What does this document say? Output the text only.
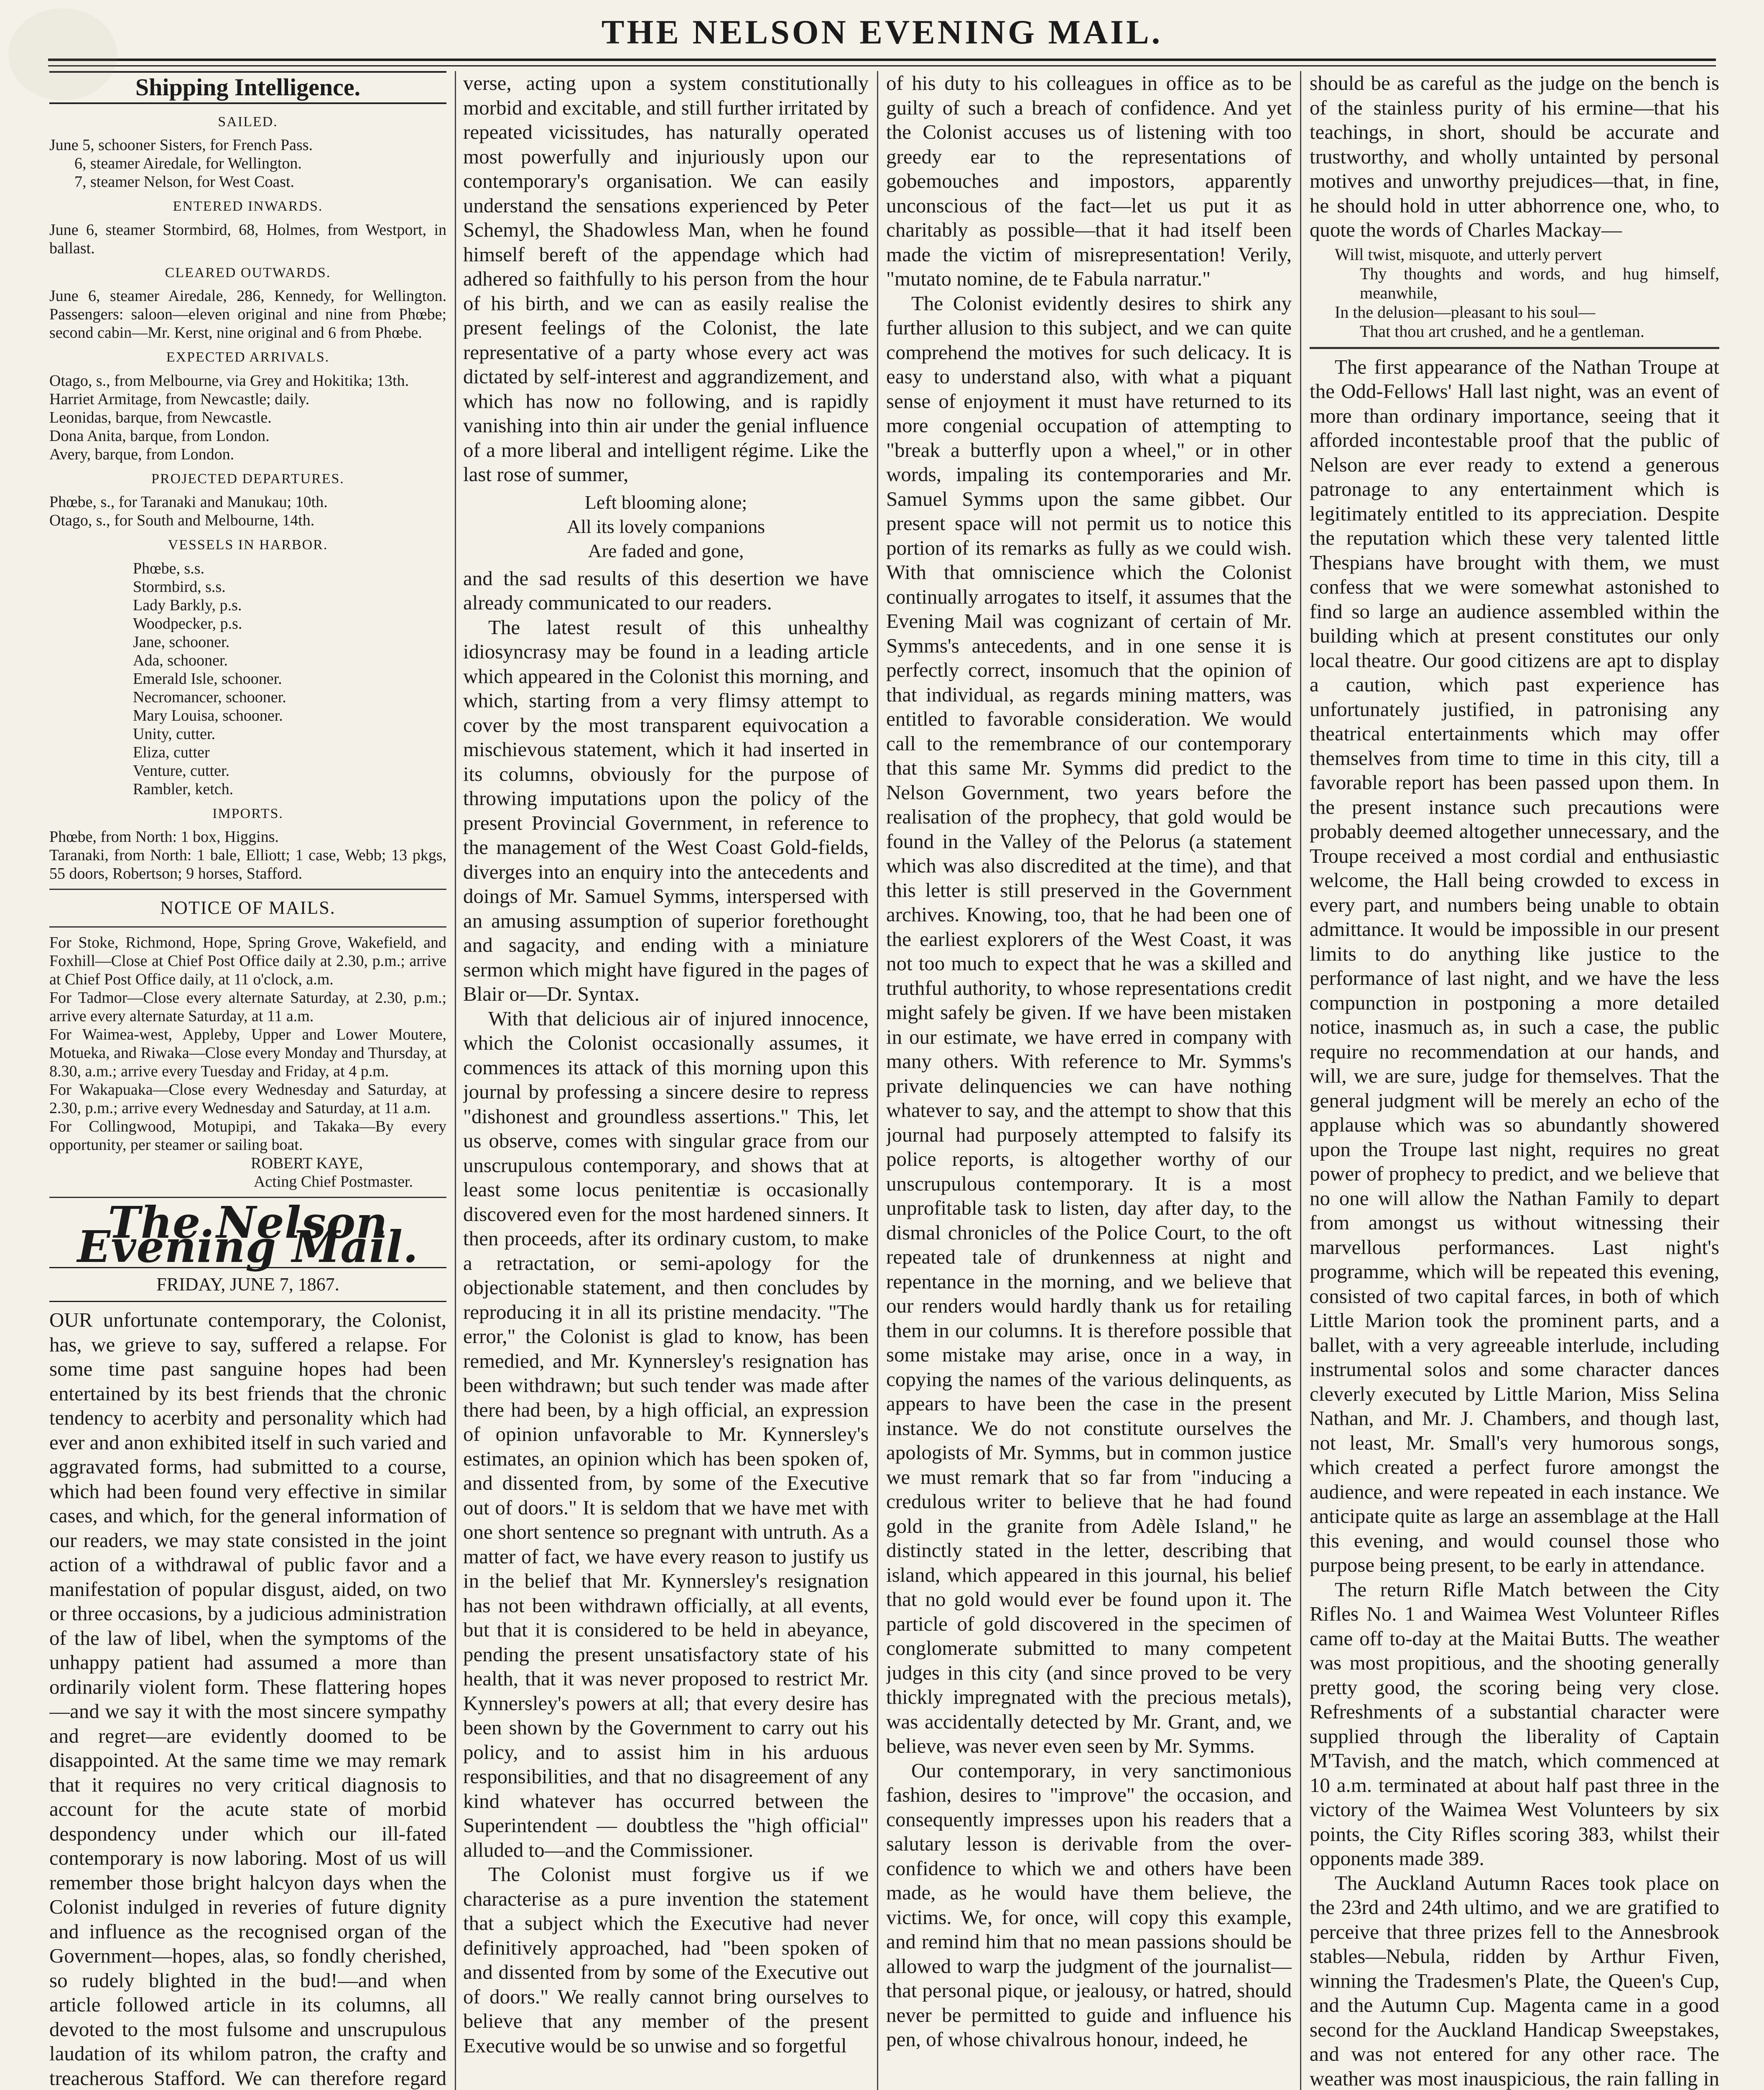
THE NELSON EVENING MAIL.
Shipping Intelligence.
SAILED.

June 5, schooner Sisters, for French Pass.

6, steamer Airedale, for Wellington.

7, steamer Nelson, for West Coast.

ENTERED INWARDS.

June 6, steamer Stormbird, 68, Holmes, from Westport, in ballast.

CLEARED OUTWARDS.

June 6, steamer Airedale, 286, Kennedy, for Wellington. Passengers: saloon—eleven original and nine from Phœbe; second cabin—Mr. Kerst, nine original and 6 from Phœbe.

EXPECTED ARRIVALS.

Otago, s., from Melbourne, via Grey and Hokitika; 13th.

Harriet Armitage, from Newcastle; daily.

Leonidas, barque, from Newcastle.

Dona Anita, barque, from London.

Avery, barque, from London.

PROJECTED DEPARTURES.

Phœbe, s., for Taranaki and Manukau; 10th.

Otago, s., for South and Melbourne, 14th.

VESSELS IN HARBOR.
Phœbe, s.s.
Stormbird, s.s.
Lady Barkly, p.s.
Woodpecker, p.s.
Jane, schooner.
Ada, schooner.
Emerald Isle, schooner.
Necromancer, schooner.
Mary Louisa, schooner.
Unity, cutter.
Eliza, cutter
Venture, cutter.
Rambler, ketch.
IMPORTS.

Phœbe, from North: 1 box, Higgins.

Taranaki, from North: 1 bale, Elliott; 1 case, Webb; 13 pkgs, 55 doors, Robertson; 9 horses, Stafford.

NOTICE OF MAILS.

For Stoke, Richmond, Hope, Spring Grove, Wakefield, and Foxhill—Close at Chief Post Office daily at 2.30, p.m.; arrive at Chief Post Office daily, at 11 o'clock, a.m.

For Tadmor—Close every alternate Saturday, at 2.30, p.m.; arrive every alternate Saturday, at 11 a.m.

For Waimea-west, Appleby, Upper and Lower Moutere, Motueka, and Riwaka—Close every Monday and Thursday, at 8.30, a.m.; arrive every Tuesday and Friday, at 4 p.m.

For Wakapuaka—Close every Wednesday and Saturday, at 2.30, p.m.; arrive every Wednesday and Saturday, at 11 a.m.

For Collingwood, Motupipi, and Takaka—By every opportunity, per steamer or sailing boat.

ROBERT KAYE,
Acting Chief Postmaster.
The Nelson Evening Mail.
FRIDAY, JUNE 7, 1867.

OUR unfortunate contemporary, the Colonist, has, we grieve to say, suffered a relapse. For some time past sanguine hopes had been entertained by its best friends that the chronic tendency to acerbity and personality which had ever and anon exhibited itself in such varied and aggravated forms, had submitted to a course, which had been found very effective in similar cases, and which, for the general information of our readers, we may state consisted in the joint action of a withdrawal of public favor and a manifestation of popular disgust, aided, on two or three occasions, by a judicious administration of the law of libel, when the symptoms of the unhappy patient had assumed a more than ordinarily violent form. These flattering hopes—and we say it with the most sincere sympathy and regret—are evidently doomed to be disappointed. At the same time we may remark that it requires no very critical diagnosis to account for the acute state of morbid despondency under which our ill-fated contemporary is now laboring. Most of us will remember those bright halcyon days when the Colonist indulged in reveries of future dignity and influence as the recognised organ of the Government—hopes, alas, so fondly cherished, so rudely blighted in the bud!—and when article followed article in its columns, all devoted to the most fulsome and unscrupulous laudation of its whilom patron, the crafty and treacherous Stafford. We can therefore regard

verse, acting upon a system constitutionally morbid and excitable, and still further irritated by repeated vicissitudes, has naturally operated most powerfully and injuriously upon our contemporary's organisation. We can easily understand the sensations experienced by Peter Schemyl, the Shadowless Man, when he found himself bereft of the appendage which had adhered so faithfully to his person from the hour of his birth, and we can as easily realise the present feelings of the Colonist, the late representative of a party whose every act was dictated by self-interest and aggrandizement, and which has now no following, and is rapidly vanishing into thin air under the genial influence of a more liberal and intelligent régime. Like the last rose of summer,

Left blooming alone;
All its lovely companions
Are faded and gone,

and the sad results of this desertion we have already communicated to our readers.

The latest result of this unhealthy idiosyncrasy may be found in a leading article which appeared in the Colonist this morning, and which, starting from a very flimsy attempt to cover by the most transparent equivocation a mischievous statement, which it had inserted in its columns, obviously for the purpose of throwing imputations upon the policy of the present Provincial Government, in reference to the management of the West Coast Gold-fields, diverges into an enquiry into the antecedents and doings of Mr. Samuel Symms, interspersed with an amusing assumption of superior forethought and sagacity, and ending with a miniature sermon which might have figured in the pages of Blair or—Dr. Syntax.

With that delicious air of injured innocence, which the Colonist occasionally assumes, it commences its attack of this morning upon this journal by professing a sincere desire to repress "dishonest and groundless assertions." This, let us observe, comes with singular grace from our unscrupulous contemporary, and shows that at least some locus penitentiæ is occasionally discovered even for the most hardened sinners. It then proceeds, after its ordinary custom, to make a retractation, or semi-apology for the objectionable statement, and then concludes by reproducing it in all its pristine mendacity. "The error," the Colonist is glad to know, has been remedied, and Mr. Kynnersley's resignation has been withdrawn; but such tender was made after there had been, by a high official, an expression of opinion unfavorable to Mr. Kynnersley's estimates, an opinion which has been spoken of, and dissented from, by some of the Executive out of doors." It is seldom that we have met with one short sentence so pregnant with untruth. As a matter of fact, we have every reason to justify us in the belief that Mr. Kynnersley's resignation has not been withdrawn officially, at all events, but that it is considered to be held in abeyance, pending the present unsatisfactory state of his health, that it was never proposed to restrict Mr. Kynnersley's powers at all; that every desire has been shown by the Government to carry out his policy, and to assist him in his arduous responsibilities, and that no disagreement of any kind whatever has occurred between the Superintendent — doubtless the "high official" alluded to—and the Commissioner.

The Colonist must forgive us if we characterise as a pure invention the statement that a subject which the Executive had never definitively approached, had "been spoken of and dissented from by some of the Executive out of doors." We really cannot bring ourselves to believe that any member of the present Executive would be so unwise and so forgetful

of his duty to his colleagues in office as to be guilty of such a breach of confidence. And yet the Colonist accuses us of listening with too greedy ear to the representations of gobemouches and impostors, apparently unconscious of the fact—let us put it as charitably as possible—that it had itself been made the victim of misrepresentation! Verily, "mutato nomine, de te Fabula narratur."

The Colonist evidently desires to shirk any further allusion to this subject, and we can quite comprehend the motives for such delicacy. It is easy to understand also, with what a piquant sense of enjoyment it must have returned to its more congenial occupation of attempting to "break a butterfly upon a wheel," or in other words, impaling its contemporaries and Mr. Samuel Symms upon the same gibbet. Our present space will not permit us to notice this portion of its remarks as fully as we could wish. With that omniscience which the Colonist continually arrogates to itself, it assumes that the Evening Mail was cognizant of certain of Mr. Symms's antecedents, and in one sense it is perfectly correct, insomuch that the opinion of that individual, as regards mining matters, was entitled to favorable consideration. We would call to the remembrance of our contemporary that this same Mr. Symms did predict to the Nelson Government, two years before the realisation of the prophecy, that gold would be found in the Valley of the Pelorus (a statement which was also discredited at the time), and that this letter is still preserved in the Government archives. Knowing, too, that he had been one of the earliest explorers of the West Coast, it was not too much to expect that he was a skilled and truthful authority, to whose representations credit might safely be given. If we have been mistaken in our estimate, we have erred in company with many others. With reference to Mr. Symms's private delinquencies we can have nothing whatever to say, and the attempt to show that this journal had purposely attempted to falsify its police reports, is altogether worthy of our unscrupulous contemporary. It is a most unprofitable task to listen, day after day, to the dismal chronicles of the Police Court, to the oft repeated tale of drunkenness at night and repentance in the morning, and we believe that our renders would hardly thank us for retailing them in our columns. It is therefore possible that some mistake may arise, once in a way, in copying the names of the various delinquents, as appears to have been the case in the present instance. We do not constitute ourselves the apologists of Mr. Symms, but in common justice we must remark that so far from "inducing a credulous writer to believe that he had found gold in the granite from Adèle Island," he distinctly stated in the letter, describing that island, which appeared in this journal, his belief that no gold would ever be found upon it. The particle of gold discovered in the specimen of conglomerate submitted to many competent judges in this city (and since proved to be very thickly impregnated with the precious metals), was accidentally detected by Mr. Grant, and, we believe, was never even seen by Mr. Symms.

Our contemporary, in very sanctimonious fashion, desires to "improve" the occasion, and consequently impresses upon his readers that a salutary lesson is derivable from the over-confidence to which we and others have been made, as he would have them believe, the victims. We, for once, will copy this example, and remind him that no mean passions should be allowed to warp the judgment of the journalist—that personal pique, or jealousy, or hatred, should never be permitted to guide and influence his pen, of whose chivalrous honour, indeed, he

should be as careful as the judge on the bench is of the stainless purity of his ermine—that his teachings, in short, should be accurate and trustworthy, and wholly untainted by personal motives and unworthy prejudices—that, in fine, he should hold in utter abhorrence one, who, to quote the words of Charles Mackay—

Will twist, misquote, and utterly pervert
Thy thoughts and words, and hug himself, meanwhile,
In the delusion—pleasant to his soul—
That thou art crushed, and he a gentleman.

The first appearance of the Nathan Troupe at the Odd-Fellows' Hall last night, was an event of more than ordinary importance, seeing that it afforded incontestable proof that the public of Nelson are ever ready to extend a generous patronage to any entertainment which is legitimately entitled to its appreciation. Despite the reputation which these very talented little Thespians have brought with them, we must confess that we were somewhat astonished to find so large an audience assembled within the building which at present constitutes our only local theatre. Our good citizens are apt to display a caution, which past experience has unfortunately justified, in patronising any theatrical entertainments which may offer themselves from time to time in this city, till a favorable report has been passed upon them. In the present instance such precautions were probably deemed altogether unnecessary, and the Troupe received a most cordial and enthusiastic welcome, the Hall being crowded to excess in every part, and numbers being unable to obtain admittance. It would be impossible in our present limits to do anything like justice to the performance of last night, and we have the less compunction in postponing a more detailed notice, inasmuch as, in such a case, the public require no recommendation at our hands, and will, we are sure, judge for themselves. That the general judgment will be merely an echo of the applause which was so abundantly showered upon the Troupe last night, requires no great power of prophecy to predict, and we believe that no one will allow the Nathan Family to depart from amongst us without witnessing their marvellous performances. Last night's programme, which will be repeated this evening, consisted of two capital farces, in both of which Little Marion took the prominent parts, and a ballet, with a very agreeable interlude, including instrumental solos and some character dances cleverly executed by Little Marion, Miss Selina Nathan, and Mr. J. Chambers, and though last, not least, Mr. Small's very humorous songs, which created a perfect furore amongst the audience, and were repeated in each instance. We anticipate quite as large an assemblage at the Hall this evening, and would counsel those who purpose being present, to be early in attendance.

The return Rifle Match between the City Rifles No. 1 and Waimea West Volunteer Rifles came off to-day at the Maitai Butts. The weather was most propitious, and the shooting generally pretty good, the scoring being very close. Refreshments of a substantial character were supplied through the liberality of Captain M'Tavish, and the match, which commenced at 10 a.m. terminated at about half past three in the victory of the Waimea West Volunteers by six points, the City Rifles scoring 383, whilst their opponents made 389.

The Auckland Autumn Races took place on the 23rd and 24th ultimo, and we are gratified to perceive that three prizes fell to the Annesbrook stables—Nebula, ridden by Arthur Fiven, winning the Tradesmen's Plate, the Queen's Cup, and the Autumn Cup. Magenta came in a good second for the Auckland Handicap Sweepstakes, and was not entered for any other race. The weather was most inauspicious, the rain falling in
